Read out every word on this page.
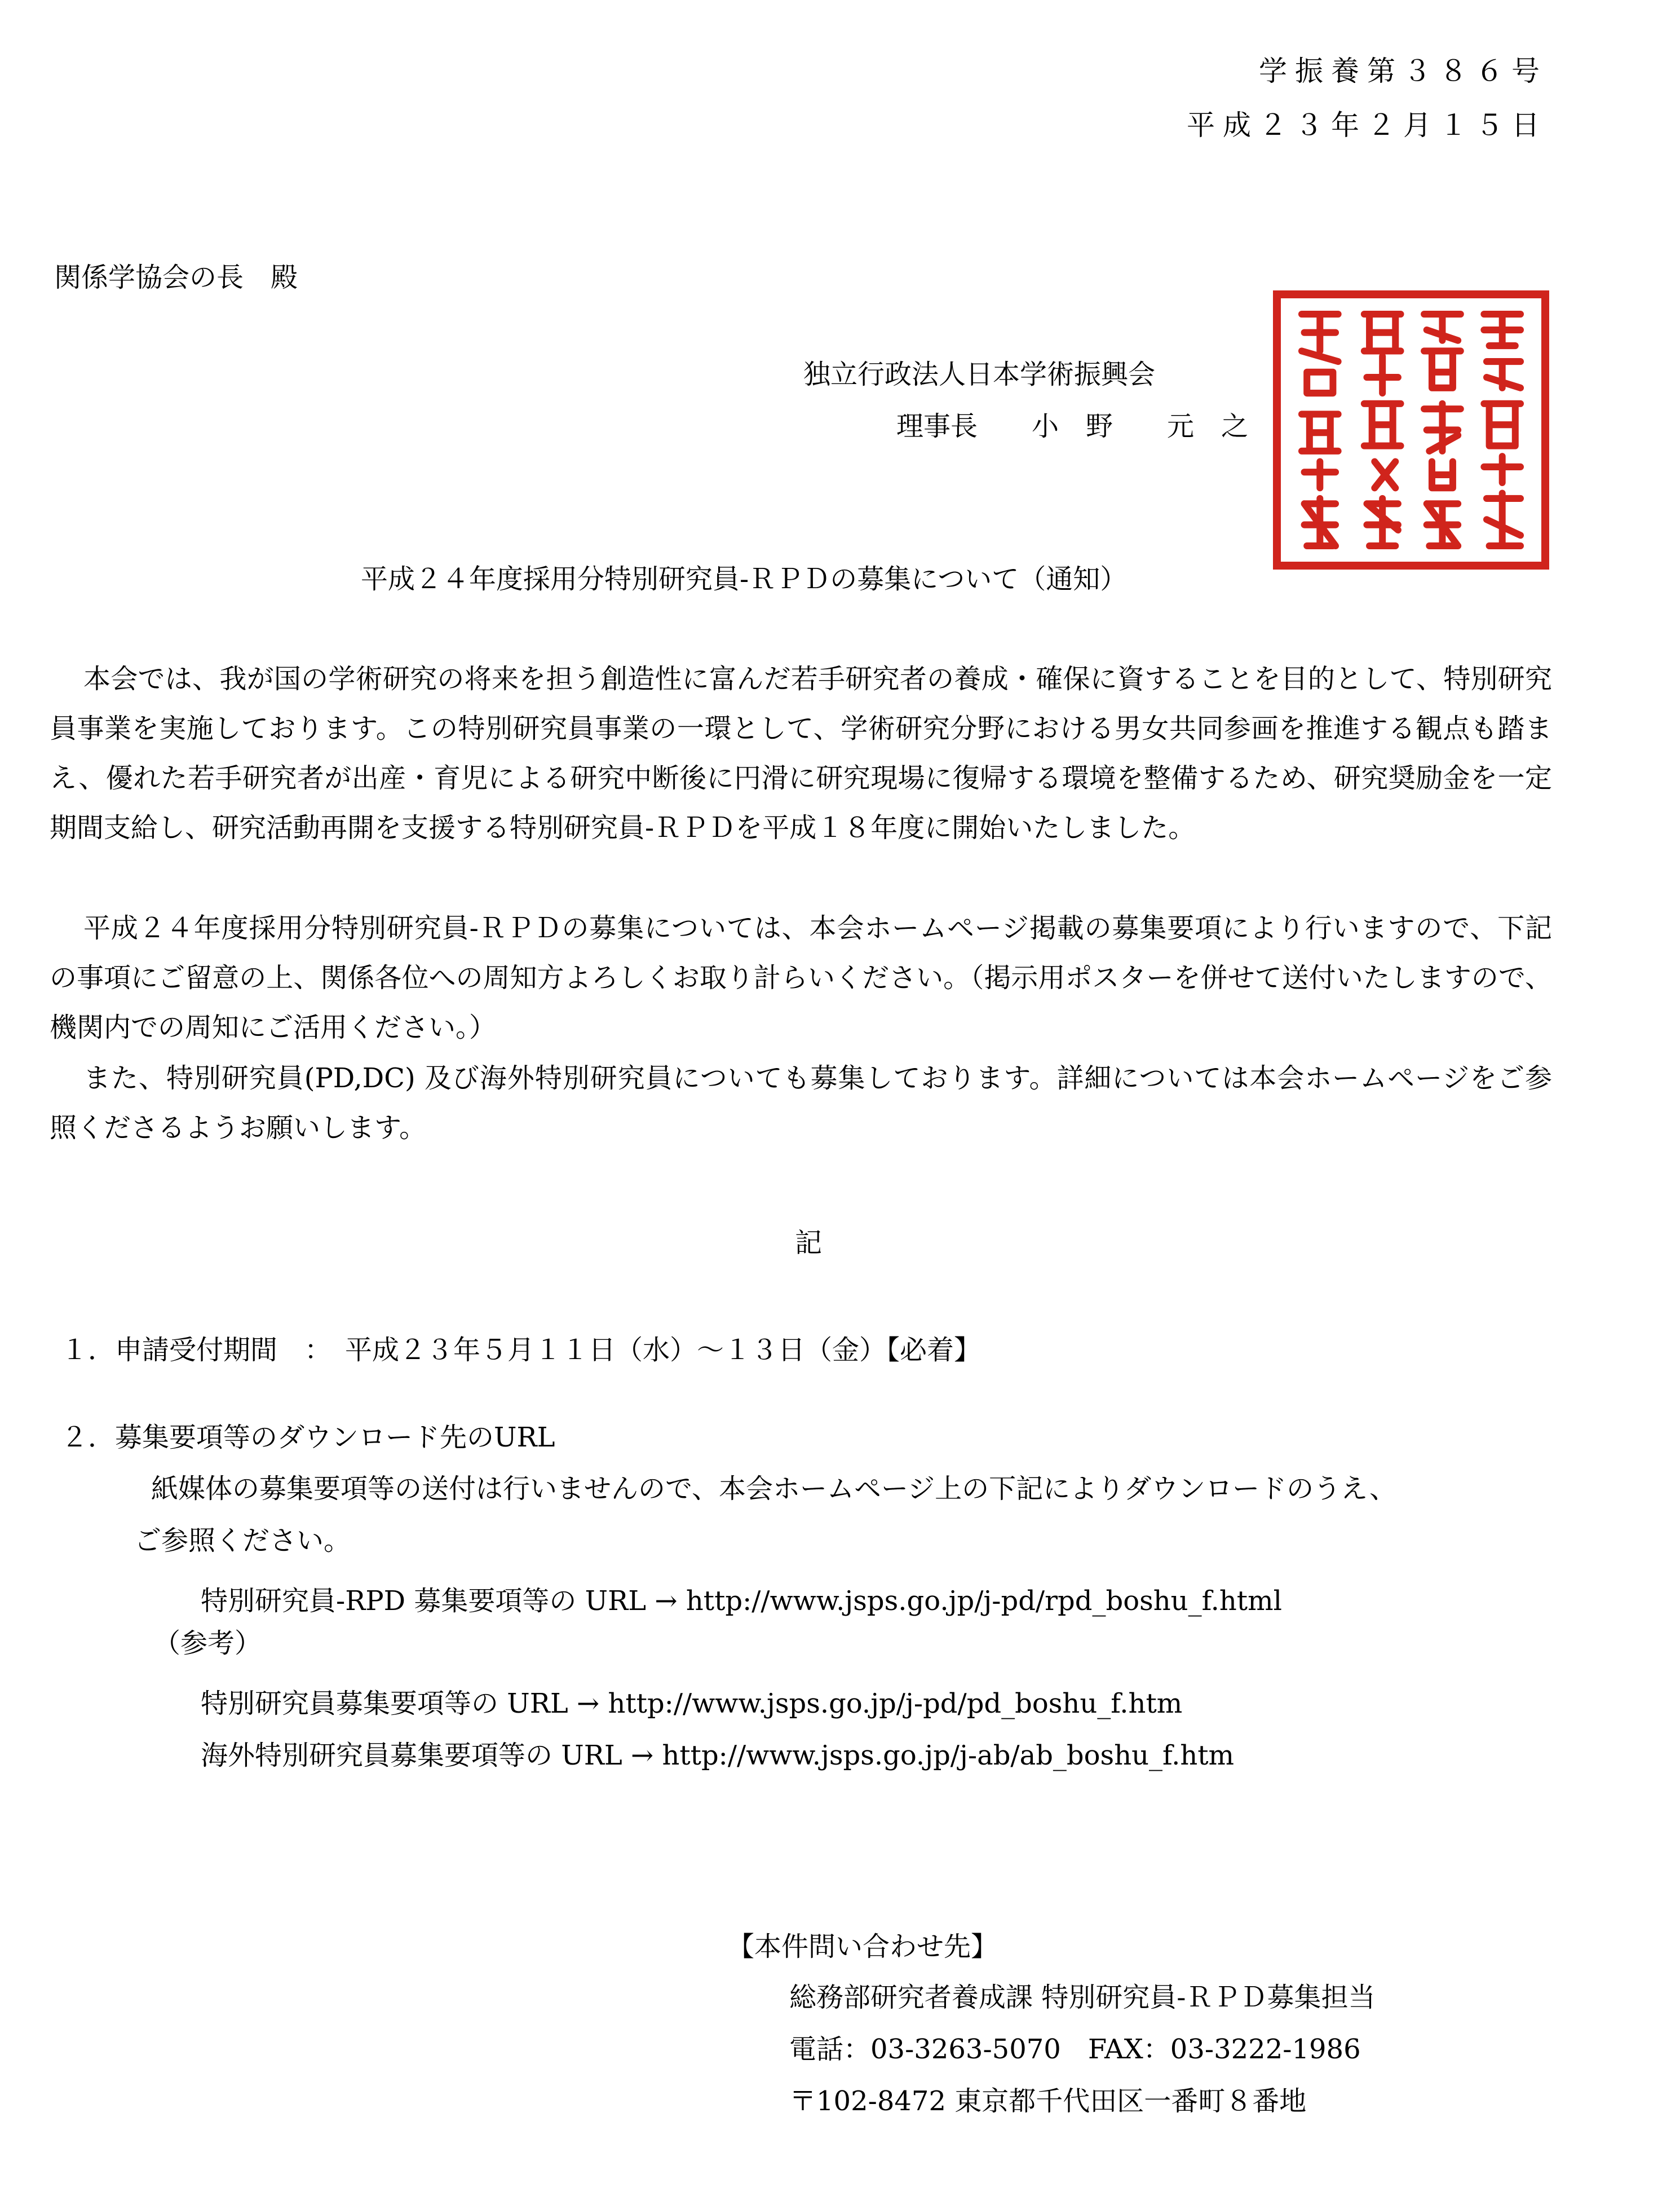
学振養第３８６号
平成２３年２月１５日
関係学協会の長　殿
独立行政法人日本学術振興会
理事長　　小　野　　元　之
平成２４年度採用分特別研究員-ＲＰＤの募集について（通知）
本会では、我が国の学術研究の将来を担う創造性に富んだ若手研究者の養成・確保に資することを目的として、特別研究員事業を実施しております。この特別研究員事業の一環として、学術研究分野における男女共同参画を推進する観点も踏まえ、優れた若手研究者が出産・育児による研究中断後に円滑に研究現場に復帰する環境を整備するため、研究奨励金を一定期間支給し、研究活動再開を支援する特別研究員-ＲＰＤを平成１８年度に開始いたしました。
平成２４年度採用分特別研究員-ＲＰＤの募集については、本会ホームページ掲載の募集要項により行いますので、下記の事項にご留意の上、関係各位への周知方よろしくお取り計らいください。（掲示用ポスターを併せて送付いたしますので、機関内での周知にご活用ください。）
また、特別研究員(PD,DC) 及び海外特別研究員についても募集しております。詳細については本会ホームページをご参照くださるようお願いします。
記
１．申請受付期間　：　平成２３年５月１１日（水）～１３日（金）【必着】
２．募集要項等のダウンロード先のURL
紙媒体の募集要項等の送付は行いませんので、本会ホームページ上の下記によりダウンロードのうえ、
ご参照ください。
特別研究員-RPD 募集要項等の URL → http://www.jsps.go.jp/j-pd/rpd_boshu_f.html
（参考）
特別研究員募集要項等の URL → http://www.jsps.go.jp/j-pd/pd_boshu_f.htm
海外特別研究員募集要項等の URL → http://www.jsps.go.jp/j-ab/ab_boshu_f.htm
【本件問い合わせ先】
総務部研究者養成課 特別研究員-ＲＰＤ募集担当
電話：03-3263-5070　FAX：03-3222-1986
〒102-8472 東京都千代田区一番町８番地
